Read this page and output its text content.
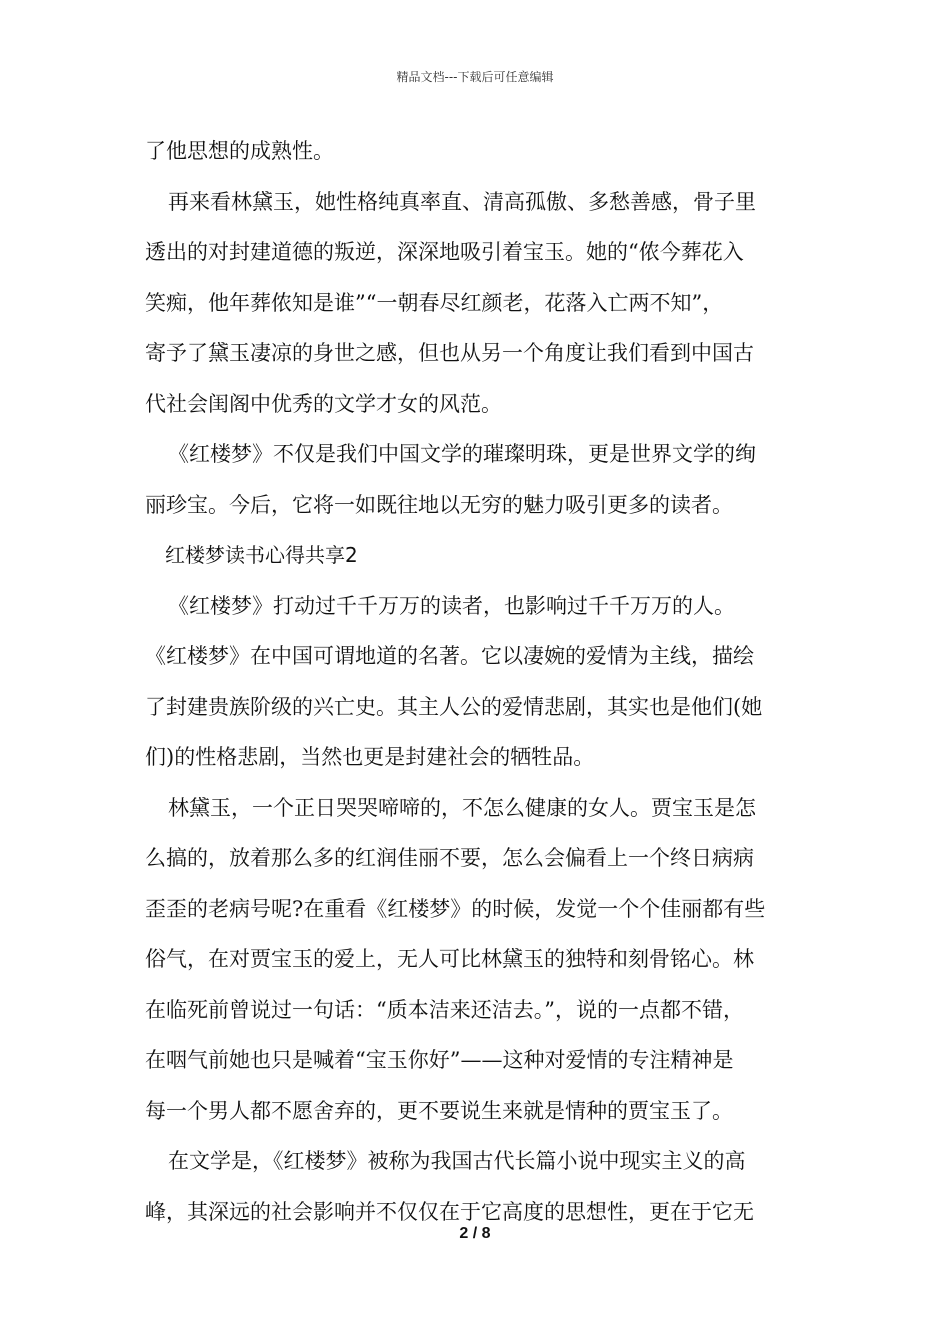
精品文档---下载后可任意编辑
了他思想的成熟性。
再来看林黛玉，她性格纯真率直、清高孤傲、多愁善感，骨子里
透出的对封建道德的叛逆，深深地吸引着宝玉。她的“侬今葬花入
笑痴，他年葬侬知是谁”“一朝春尽红颜老，花落入亡两不知”，
寄予了黛玉凄凉的身世之感，但也从另一个角度让我们看到中国古
代社会闺阁中优秀的文学才女的风范。
《红楼梦》不仅是我们中国文学的璀璨明珠，更是世界文学的绚
丽珍宝。今后，它将一如既往地以无穷的魅力吸引更多的读者。
红楼梦读书心得共享2
《红楼梦》打动过千千万万的读者，也影响过千千万万的人。
《红楼梦》在中国可谓地道的名著。它以凄婉的爱情为主线，描绘
了封建贵族阶级的兴亡史。其主人公的爱情悲剧，其实也是他们(她
们)的性格悲剧，当然也更是封建社会的牺牲品。
林黛玉，一个正日哭哭啼啼的，不怎么健康的女人。贾宝玉是怎
么搞的，放着那么多的红润佳丽不要，怎么会偏看上一个终日病病
歪歪的老病号呢?在重看《红楼梦》的时候，发觉一个个佳丽都有些
俗气，在对贾宝玉的爱上，无人可比林黛玉的独特和刻骨铭心。林
在临死前曾说过一句话：“质本洁来还洁去。”，说的一点都不错，
在咽气前她也只是喊着“宝玉你好”——这种对爱情的专注精神是
每一个男人都不愿舍弃的，更不要说生来就是情种的贾宝玉了。
在文学是，《红楼梦》被称为我国古代长篇小说中现实主义的高
峰，其深远的社会影响并不仅仅在于它高度的思想性，更在于它无
2 / 8
